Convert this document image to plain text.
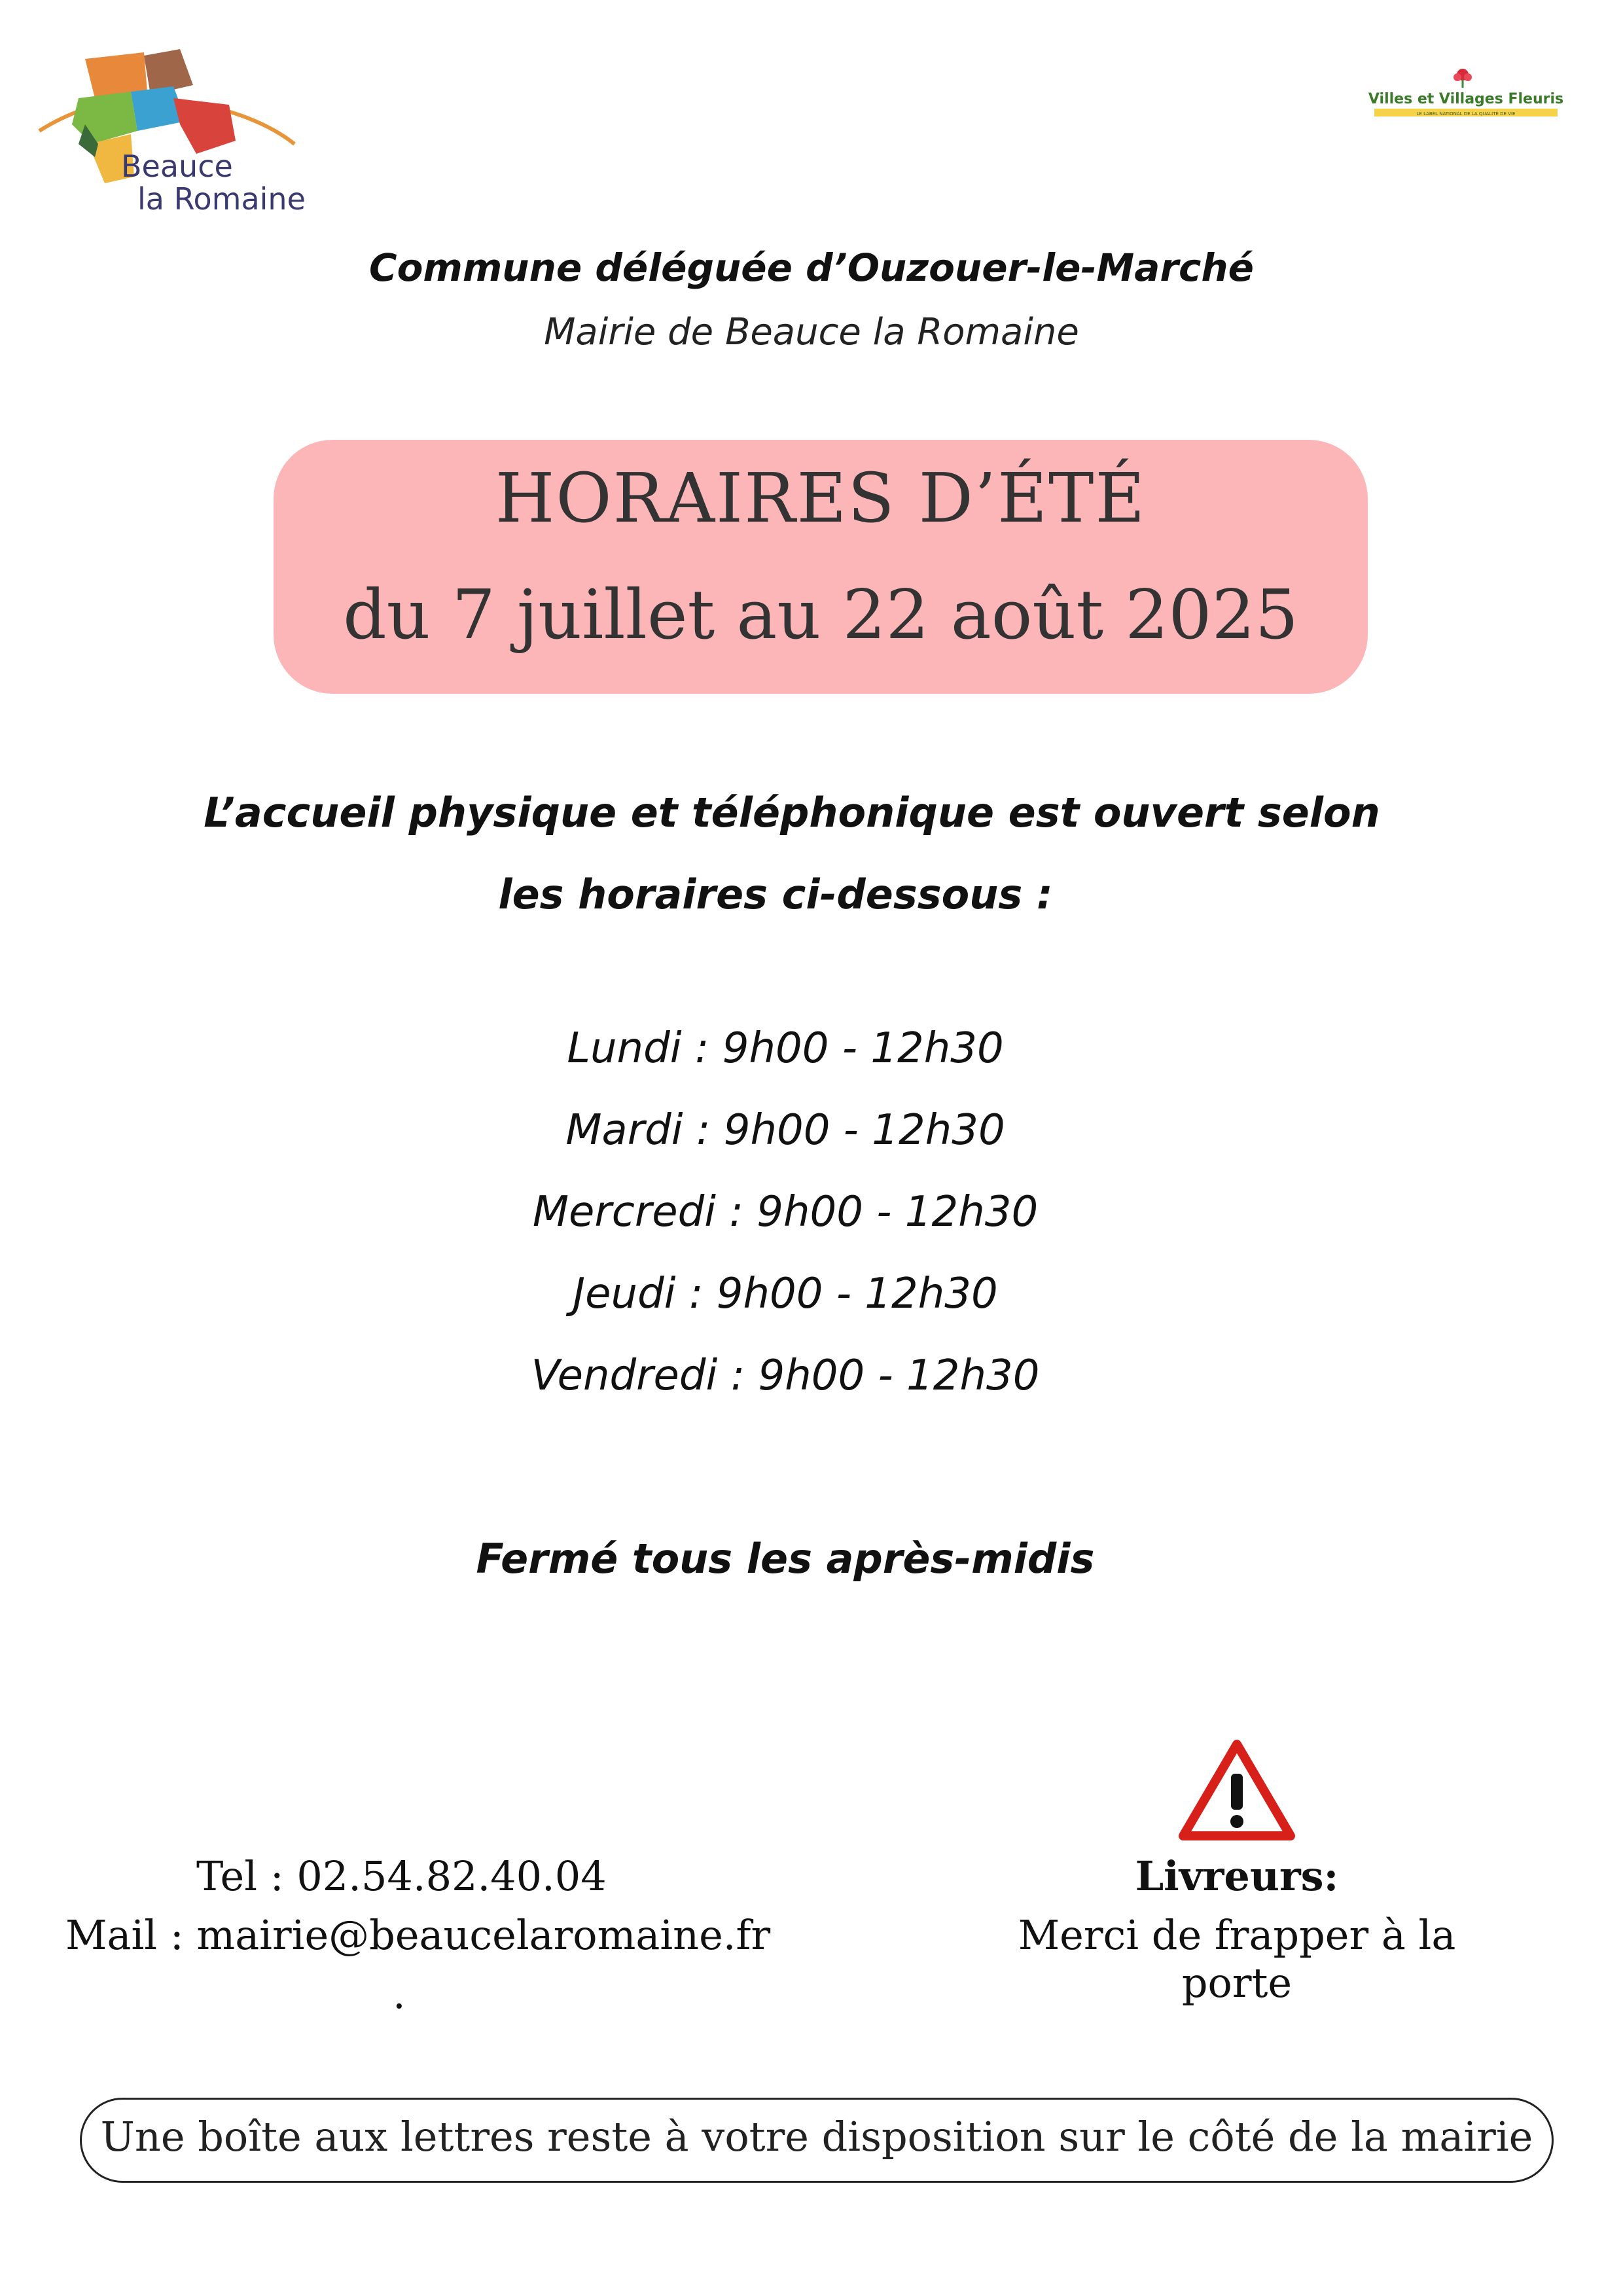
Beauce
la Romaine
Villes et Villages Fleuris
LE LABEL NATIONAL DE LA QUALITÉ DE VIE
Commune déléguée d’Ouzouer-le-Marché
Mairie de Beauce la Romaine
HORAIRES D’ÉTÉ
du 7 juillet au 22 août 2025
L’accueil physique et téléphonique est ouvert selon
les horaires ci-dessous :
Lundi : 9h00 - 12h30
Mardi : 9h00 - 12h30
Mercredi : 9h00 - 12h30
Jeudi : 9h00 - 12h30
Vendredi : 9h00 - 12h30
Fermé tous les après-midis
Tel : 02.54.82.40.04
Mail : mairie@beaucelaromaine.fr
.
Livreurs:
Merci de frapper à la porte
Une boîte aux lettres reste à votre disposition sur le côté de la mairie
